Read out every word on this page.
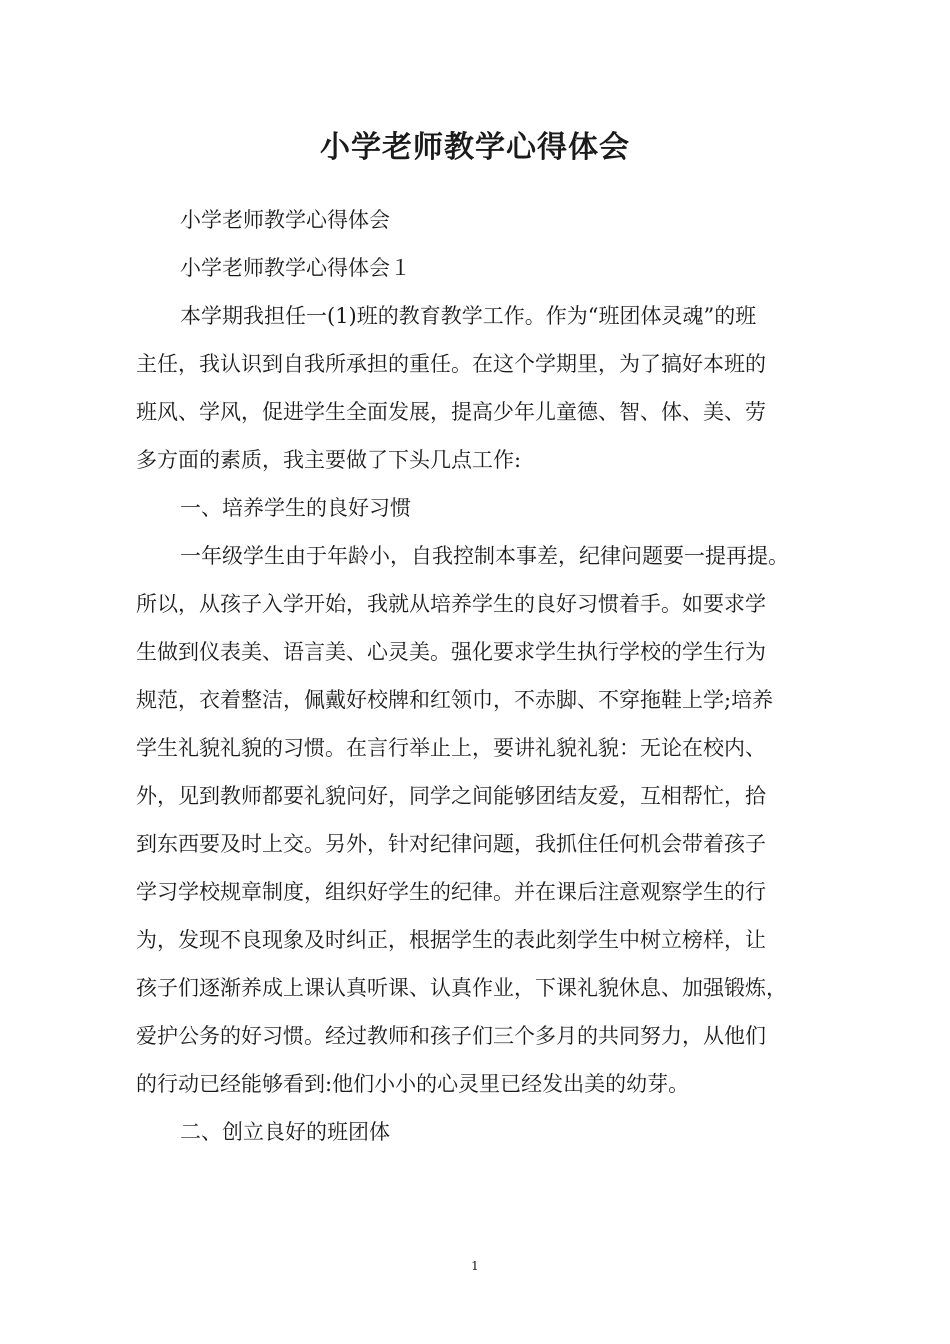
小学老师教学心得体会
小学老师教学心得体会
小学老师教学心得体会１
本学期我担任一(1)班的教育教学工作。作为“班团体灵魂”的班
主任，我认识到自我所承担的重任。在这个学期里，为了搞好本班的
班风、学风，促进学生全面发展，提高少年儿童德、智、体、美、劳
多方面的素质，我主要做了下头几点工作:
一、培养学生的良好习惯
一年级学生由于年龄小，自我控制本事差，纪律问题要一提再提。
所以，从孩子入学开始，我就从培养学生的良好习惯着手。如要求学
生做到仪表美、语言美、心灵美。强化要求学生执行学校的学生行为
规范，衣着整洁，佩戴好校牌和红领巾，不赤脚、不穿拖鞋上学;培养
学生礼貌礼貌的习惯。在言行举止上，要讲礼貌礼貌：无论在校内、
外，见到教师都要礼貌问好，同学之间能够团结友爱，互相帮忙，拾
到东西要及时上交。另外，针对纪律问题，我抓住任何机会带着孩子
学习学校规章制度，组织好学生的纪律。并在课后注意观察学生的行
为，发现不良现象及时纠正，根据学生的表此刻学生中树立榜样，让
孩子们逐渐养成上课认真听课、认真作业，下课礼貌休息、加强锻炼，
爱护公务的好习惯。经过教师和孩子们三个多月的共同努力，从他们
的行动已经能够看到:他们小小的心灵里已经发出美的幼芽。
二、创立良好的班团体
1
